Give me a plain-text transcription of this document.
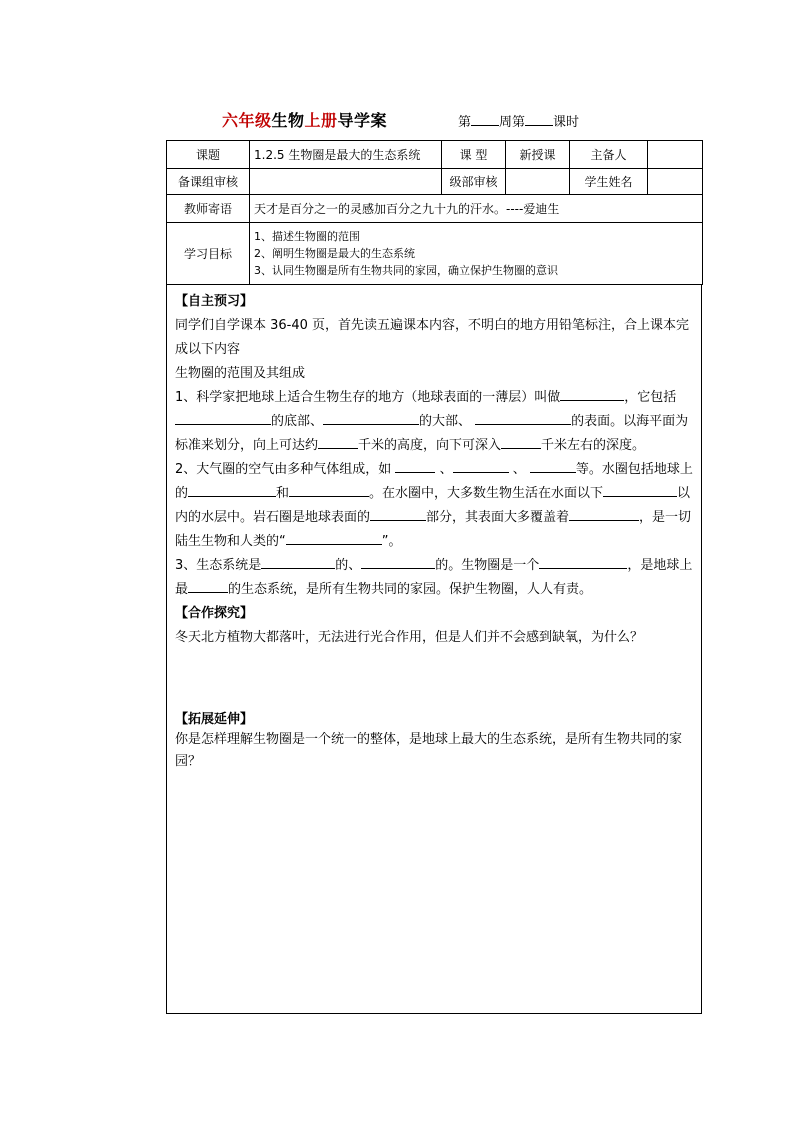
六年级生物上册导学案	第 周第 课时
课题	1.2.5 生物圈是最大的生态系统	课 型	新授课	主备人	
备课组审核		级部审核		学生姓名	
教师寄语	天才是百分之一的灵感加百分之九十九的汗水。----爱迪生				
学习目标	1、描述生物圈的范围
2、阐明生物圈是最大的生态系统
3、认同生物圈是所有生物共同的家园，确立保护生物圈的意识				

【自主预习】

同学们自学课本 36-40 页，首先读五遍课本内容，不明白的地方用铅笔标注，合上课本完成以下内容

生物圈的范围及其组成

1、科学家把地球上适合生物生存的地方（地球表面的一薄层）叫做	，它包括的底部、	的大部、	的表面。以海平面为标准来划分，向上可达约	千米的高度，向下可深入	千米左右的深度。

2、大气圈的空气由多种气体组成，如	、	、	等。水圈包括地球上的	和	。在水圈中，大多数生物生活在水面以下	以内的水层中。岩石圈是地球表面的	部分，其表面大多覆盖着	，是一切陆生生物和人类的“	”。

3、生态系统是	的、	的。生物圈是一个	，是地球上最	的生态系统，是所有生物共同的家园。保护生物圈，人人有责。

【合作探究】

冬天北方植物大都落叶，无法进行光合作用，但是人们并不会感到缺氧，为什么？

【拓展延伸】

你是怎样理解生物圈是一个统一的整体，是地球上最大的生态系统，是所有生物共同的家园？
